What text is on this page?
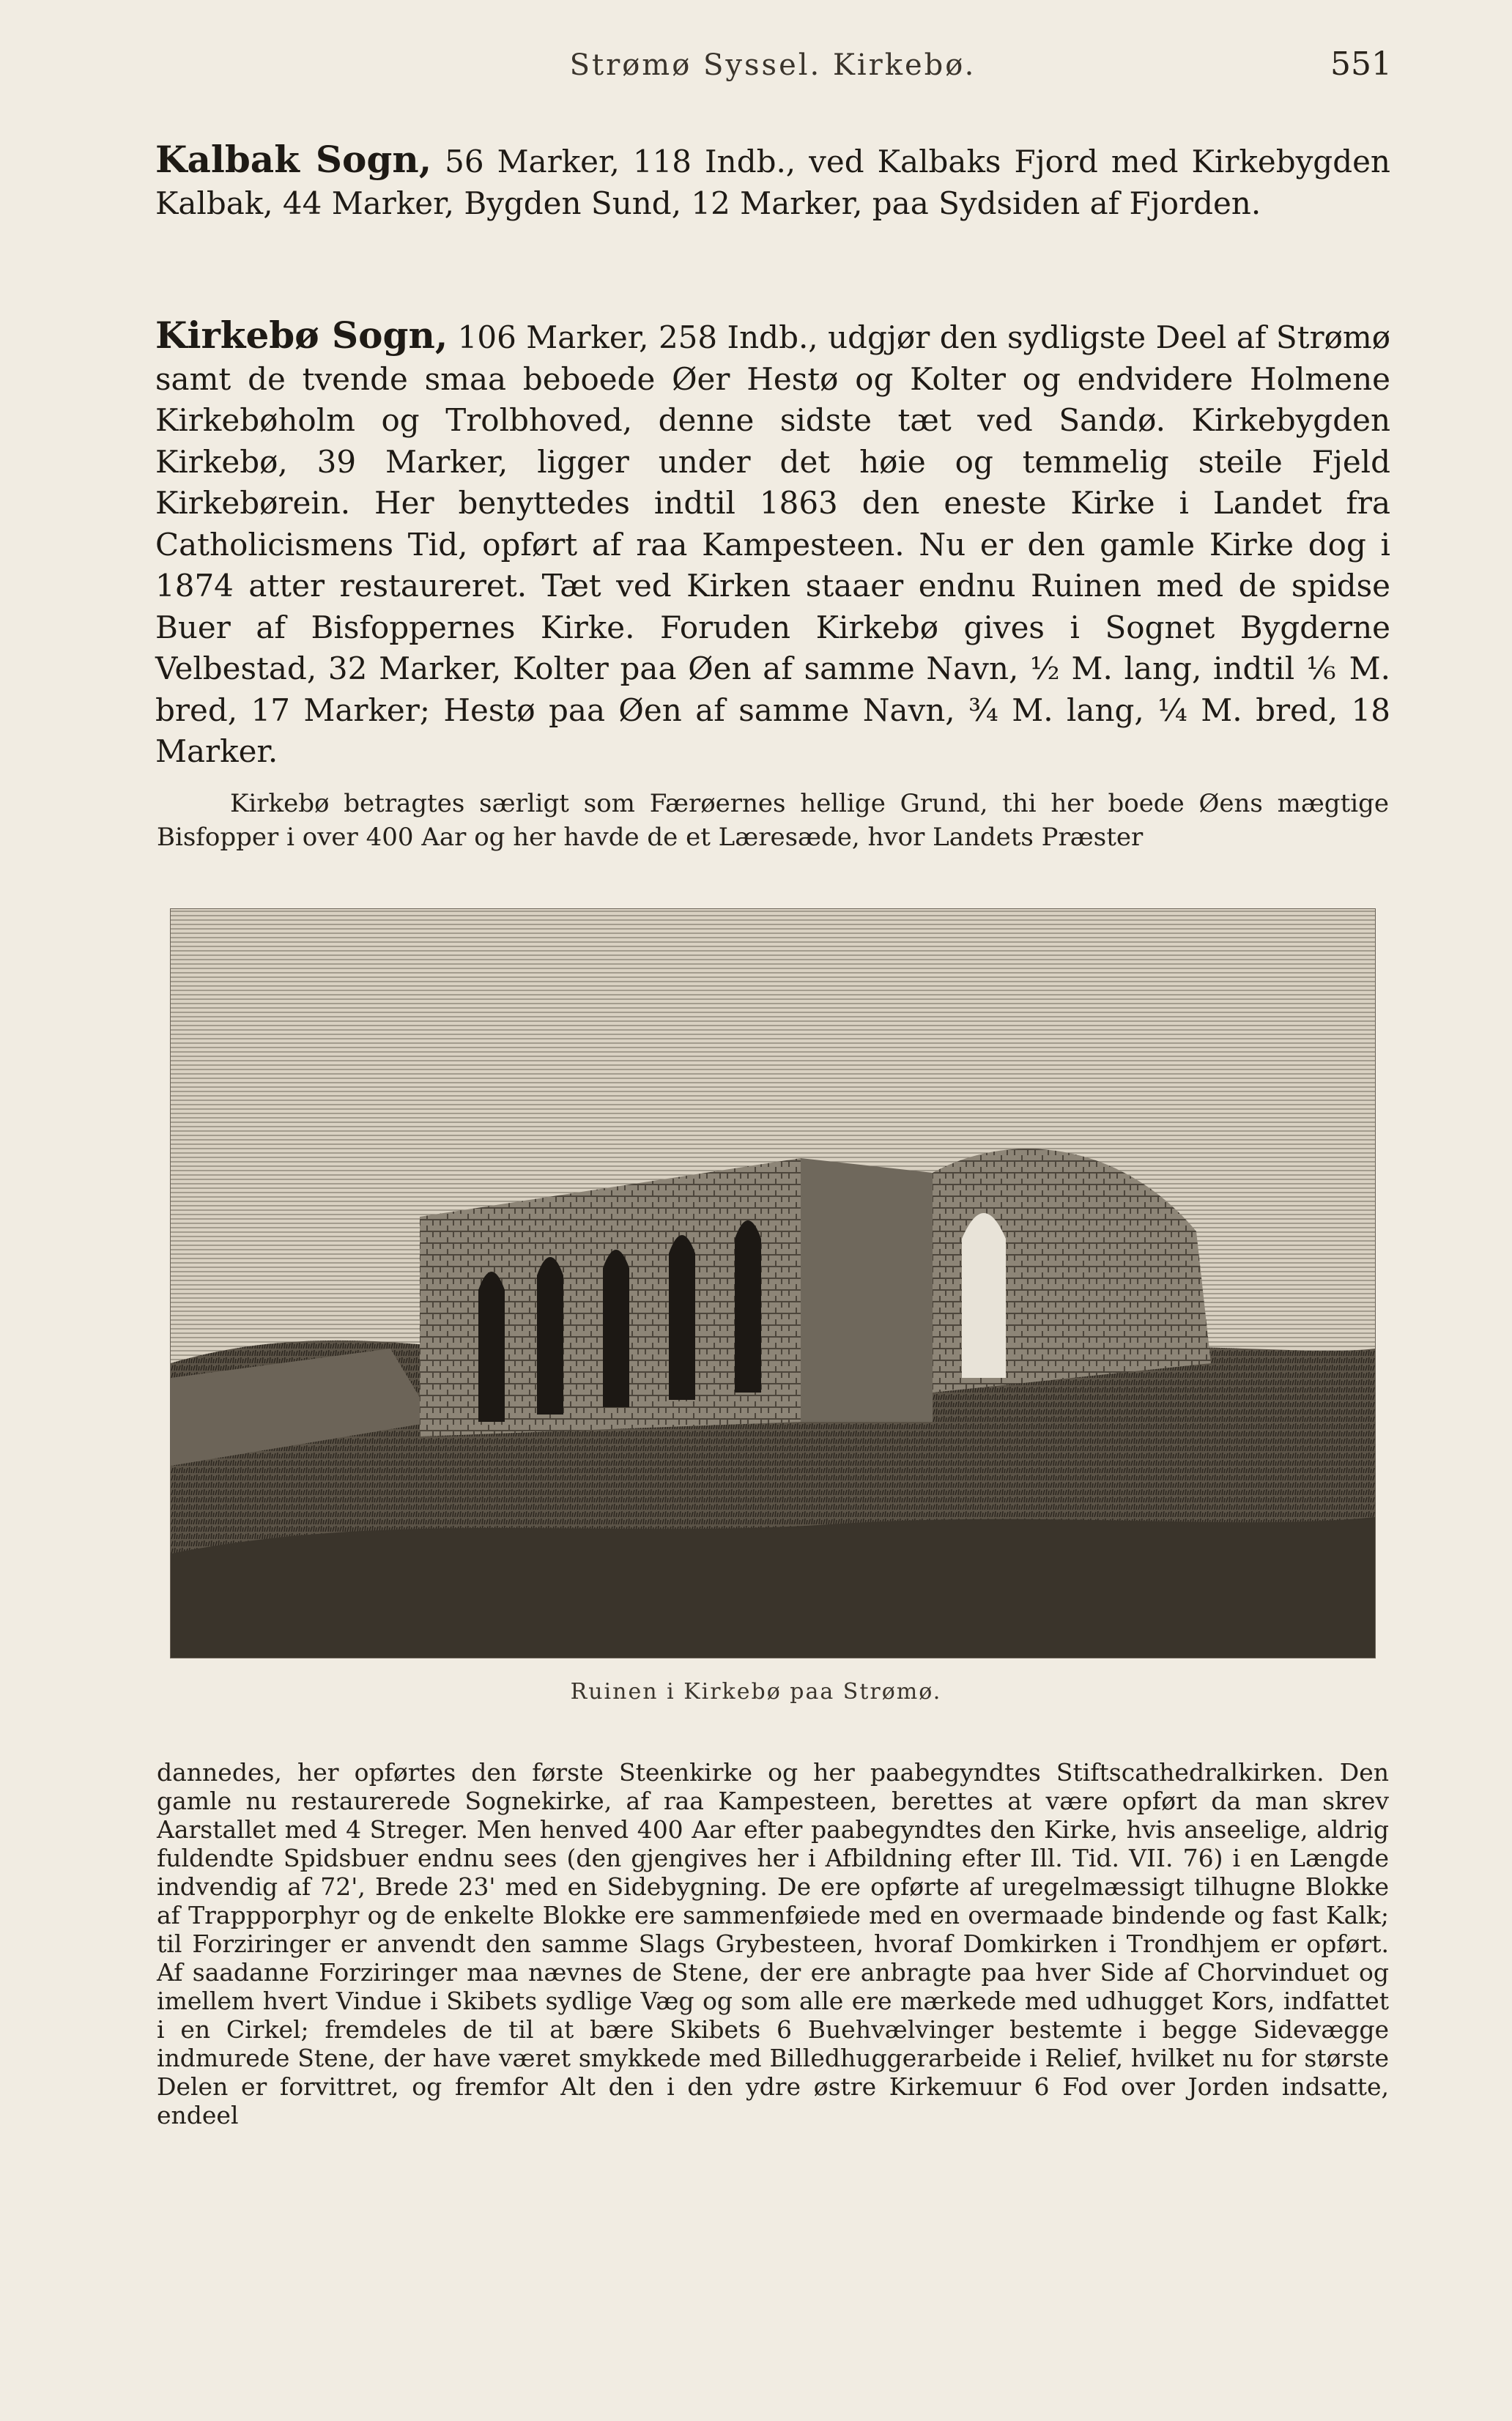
Strømø Syssel. Kirkebø.	551

Kalbak Sogn, 56 Marker, 118 Indb., ved Kalbaks Fjord med Kirkebygden Kalbak, 44 Marker, Bygden Sund, 12 Marker, paa Sydsiden af Fjorden.

Kirkebø Sogn, 106 Marker, 258 Indb., udgjør den sydligste Deel af Strømø samt de tvende smaa beboede Øer Hestø og Kolter og endvidere Holmene Kirkebøholm og Trolbhoved, denne sidste tæt ved Sandø. Kirkebygden Kirkebø, 39 Marker, ligger under det høie og temmelig steile Fjeld Kirkebørein. Her benyttedes indtil 1863 den eneste Kirke i Landet fra Catholicismens Tid, opført af raa Kampesteen. Nu er den gamle Kirke dog i 1874 atter restaureret. Tæt ved Kirken staaer endnu Ruinen med de spidse Buer af Bisfoppernes Kirke. Foruden Kirkebø gives i Sognet Bygderne Velbestad, 32 Marker, Kolter paa Øen af samme Navn, ½ M. lang, indtil ⅙ M. bred, 17 Marker; Hestø paa Øen af samme Navn, ¾ M. lang, ¼ M. bred, 18 Marker.

Kirkebø betragtes særligt som Færøernes hellige Grund, thi her boede Øens mægtige Bisfopper i over 400 Aar og her havde de et Læresæde, hvor Landets Præster

Ruinen i Kirkebø paa Strømø.

dannedes, her opførtes den første Steenkirke og her paabegyndtes Stiftscathedralkirken. Den gamle nu restaurerede Sognekirke, af raa Kampesteen, berettes at være opført da man skrev Aarstallet med 4 Streger. Men henved 400 Aar efter paabegyndtes den Kirke, hvis anseelige, aldrig fuldendte Spidsbuer endnu sees (den gjengives her i Afbildning efter Ill. Tid. VII. 76) i en Længde indvendig af 72', Brede 23' med en Sidebygning. De ere opførte af uregelmæssigt tilhugne Blokke af Trappporphyr og de enkelte Blokke ere sammenføiede med en overmaade bindende og fast Kalk; til Forziringer er anvendt den samme Slags Grybesteen, hvoraf Domkirken i Trondhjem er opført. Af saadanne Forziringer maa nævnes de Stene, der ere anbragte paa hver Side af Chorvinduet og imellem hvert Vindue i Skibets sydlige Væg og som alle ere mærkede med udhugget Kors, indfattet i en Cirkel; fremdeles de til at bære Skibets 6 Buehvælvinger bestemte i begge Sidevægge indmurede Stene, der have været smykkede med Billedhuggerarbeide i Relief, hvilket nu for største Delen er forvittret, og fremfor Alt den i den ydre østre Kirkemuur 6 Fod over Jorden indsatte, endeel
